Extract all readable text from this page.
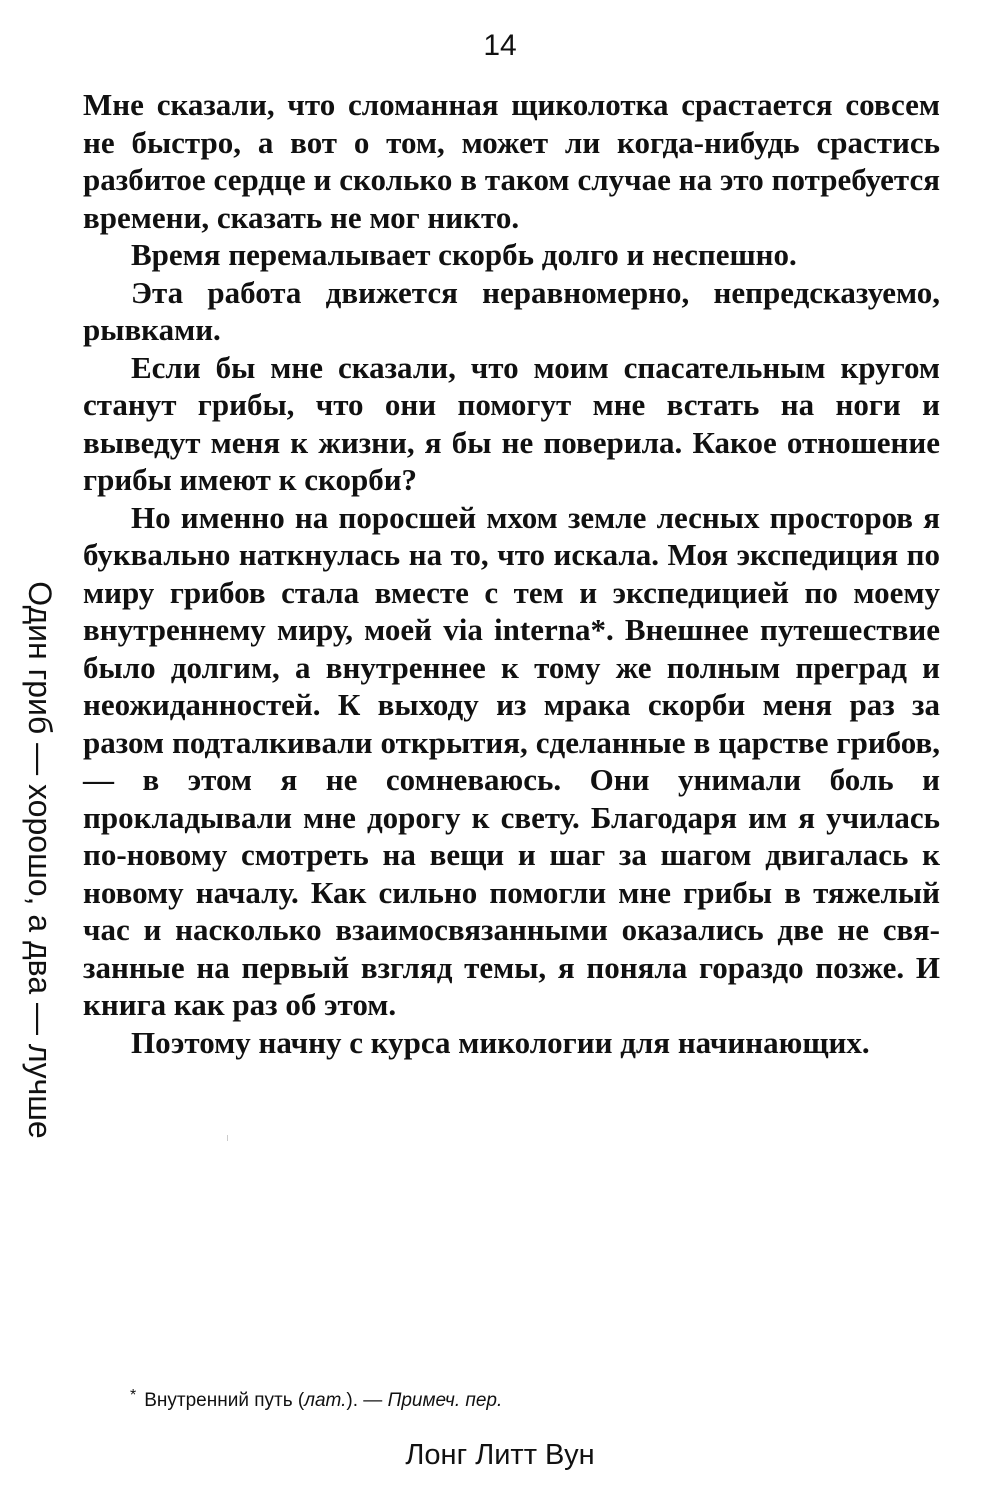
14
Один гриб — хорошо, а два — лучше

Мне сказали, что сломанная щиколотка срастается совсем не быстро, а вот о том, может ли когда-нибудь срастись разбитое сердце и сколько в таком случае на это потребуется времени, сказать не мог никто.

Время перемалывает скорбь долго и неспешно.

Эта работа движется неравномерно, непредсказуемо, рывками.

Если бы мне сказали, что моим спасательным кругом станут грибы, что они помогут мне встать на ноги и выведут меня к жизни, я бы не поверила. Какое отношение грибы имеют к скорби?

Но именно на поросшей мхом земле лесных просторов я буквально наткнулась на то, что искала. Моя экспедиция по миру грибов стала вместе с тем и экспедицией по моему внутреннему миру, моей via interna*. Внешнее путешествие было долгим, а внутреннее к тому же полным преград и неожиданностей. К выходу из мрака скорби меня раз за разом подталкивали открытия, сделанные в царстве грибов, — в этом я не сомневаюсь. Они унимали боль и прокладывали мне дорогу к свету. Благодаря им я училась по-новому смотреть на вещи и шаг за шагом двигалась к новому началу. Как сильно помогли мне грибы в тяжелый час и насколько взаимосвязанными оказались две не связанные на первый взгляд темы, я поняла гораздо позже. И книга как раз об этом.

Поэтому начну с курса микологии для начинающих.

* Внутренний путь (лат.). — Примеч. пер.
Лонг Литт Вун
